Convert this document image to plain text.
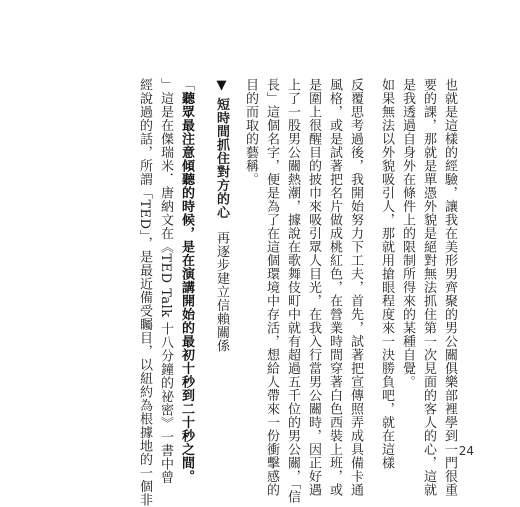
也就是這樣的經驗，讓我在美形男齊聚的男公關俱樂部裡學到一門很重
要的課，那就是單憑外貌是絕對無法抓住第一次見面的客人的心，這就
是我透過自身外在條件上的限制所得來的某種自覺。
如果無法以外貌吸引人，那就用搶眼程度來一決勝負吧，就在這樣
反覆思考過後，我開始努力下工夫，首先，試著把宣傳照弄成具備卡通
風格，或是試著把名片做成桃紅色，在營業時間穿著白色西裝上班，或
是圍上很醒目的披巾來吸引眾人目光，在我入行當男公關時，因正好遇
上了一股男公關熱潮，據說在歌舞伎町中就有超過五千位的男公關，「信
長」這個名字，便是為了在這個環境中存活，想給人帶來一份衝擊感的
目的而取的藝稱。
▼短時間抓住對方的心再逐步建立信賴關係
「聽眾最注意傾聽的時候，是在演講開始的最初十秒到二十秒之間。
」這是在傑瑞米．唐納文在《TED Talk 十八分鐘的祕密》一書中曾
經說過的話，所謂「TED」，是最近備受矚目，以紐約為根據地的一個非	24
